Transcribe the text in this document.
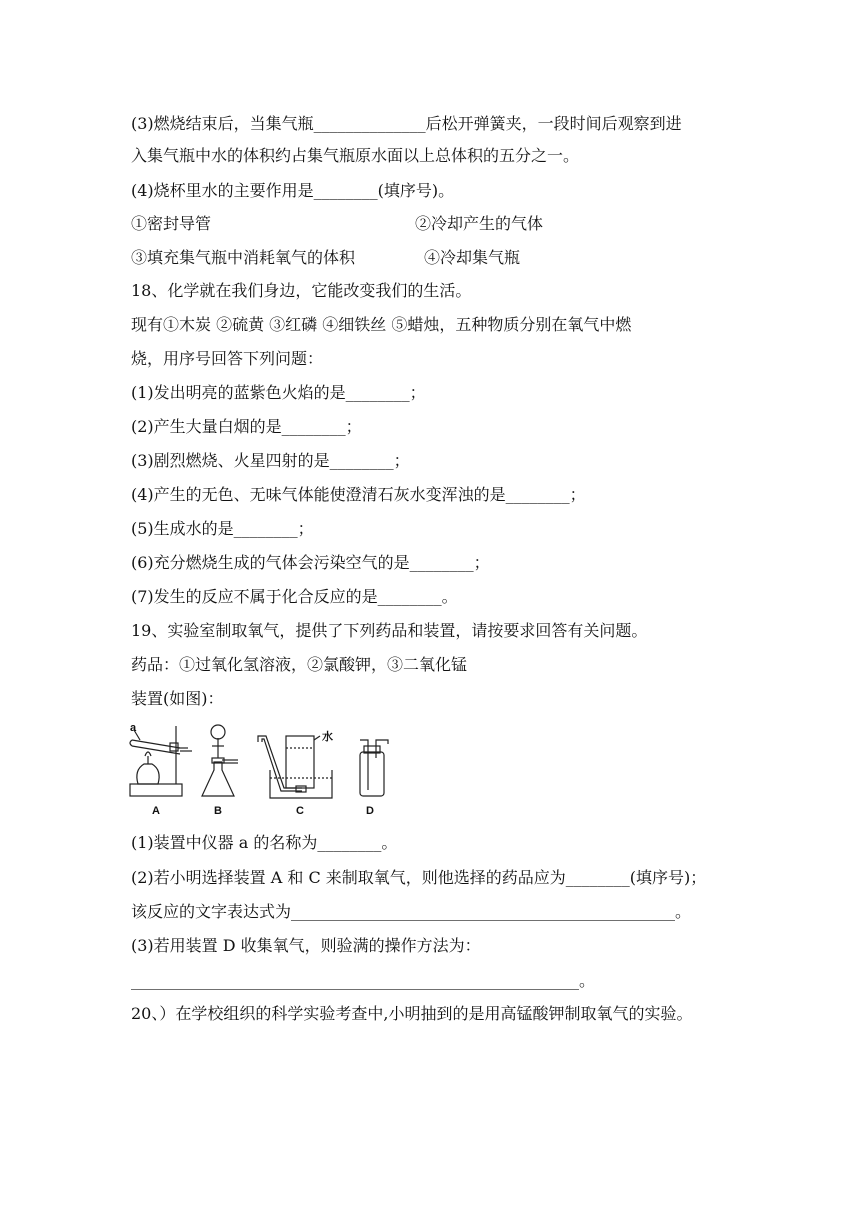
(3)燃烧结束后，当集气瓶______________后松开弹簧夹，一段时间后观察到进
入集气瓶中水的体积约占集气瓶原水面以上总体积的五分之一。
(4)烧杯里水的主要作用是________(填序号)。
①密封导管	②冷却产生的气体
③填充集气瓶中消耗氧气的体积	④冷却集气瓶
18、化学就在我们身边，它能改变我们的生活。
现有①木炭 ②硫黄 ③红磷 ④细铁丝 ⑤蜡烛，五种物质分别在氧气中燃
烧，用序号回答下列问题：
(1)发出明亮的蓝紫色火焰的是________；
(2)产生大量白烟的是________；
(3)剧烈燃烧、火星四射的是________；
(4)产生的无色、无味气体能使澄清石灰水变浑浊的是________；
(5)生成水的是________；
(6)充分燃烧生成的气体会污染空气的是________；
(7)发生的反应不属于化合反应的是________。
19、实验室制取氧气，提供了下列药品和装置，请按要求回答有关问题。
药品：①过氧化氢溶液，②氯酸钾，③二氧化锰
装置(如图)：
a
水
A	B	C	D
(1)装置中仪器 a 的名称为________。
(2)若小明选择装置 A 和 C 来制取氧气，则他选择的药品应为________(填序号)；
该反应的文字表达式为________________________________________________。
(3)若用装置 D 收集氧气，则验满的操作方法为：
________________________________________________________。
20、）在学校组织的科学实验考查中,小明抽到的是用高锰酸钾制取氧气的实验。
